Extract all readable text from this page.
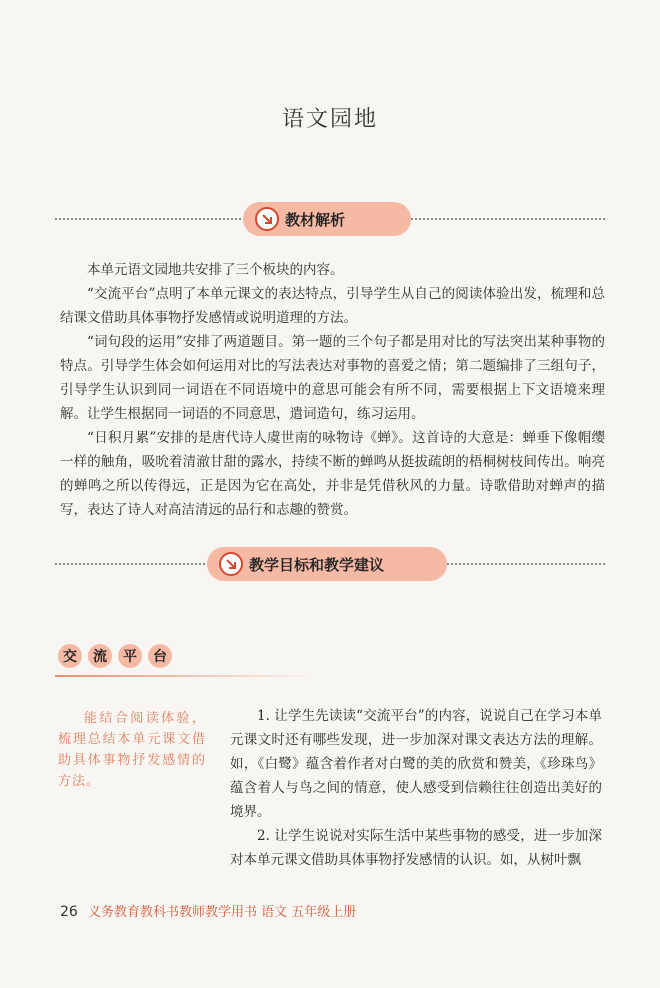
语文园地
教材解析

本单元语文园地共安排了三个板块的内容。

“交流平台”点明了本单元课文的表达特点，引导学生从自己的阅读体验出发，梳理和总结课文借助具体事物抒发感情或说明道理的方法。

“词句段的运用”安排了两道题目。第一题的三个句子都是用对比的写法突出某种事物的特点。引导学生体会如何运用对比的写法表达对事物的喜爱之情；第二题编排了三组句子，引导学生认识到同一词语在不同语境中的意思可能会有所不同，需要根据上下文语境来理解。让学生根据同一词语的不同意思，遣词造句，练习运用。

“日积月累”安排的是唐代诗人虞世南的咏物诗《蝉》。这首诗的大意是：蝉垂下像帽缨一样的触角，吸吮着清澈甘甜的露水，持续不断的蝉鸣从挺拔疏朗的梧桐树枝间传出。响亮的蝉鸣之所以传得远，正是因为它在高处，并非是凭借秋风的力量。诗歌借助对蝉声的描写，表达了诗人对高洁清远的品行和志趣的赞赏。

教学目标和教学建议
交	流	平	台

能结合阅读体验，梳理总结本单元课文借助具体事物抒发感情的方法。

1. 让学生先读读“交流平台”的内容，说说自己在学习本单元课文时还有哪些发现，进一步加深对课文表达方法的理解。如，《白鹭》蕴含着作者对白鹭的美的欣赏和赞美，《珍珠鸟》蕴含着人与鸟之间的情意，使人感受到信赖往往创造出美好的境界。

2. 让学生说说对实际生活中某些事物的感受，进一步加深对本单元课文借助具体事物抒发感情的认识。如，从树叶飘

26 义务教育教科书教师教学用书 语文 五年级上册
